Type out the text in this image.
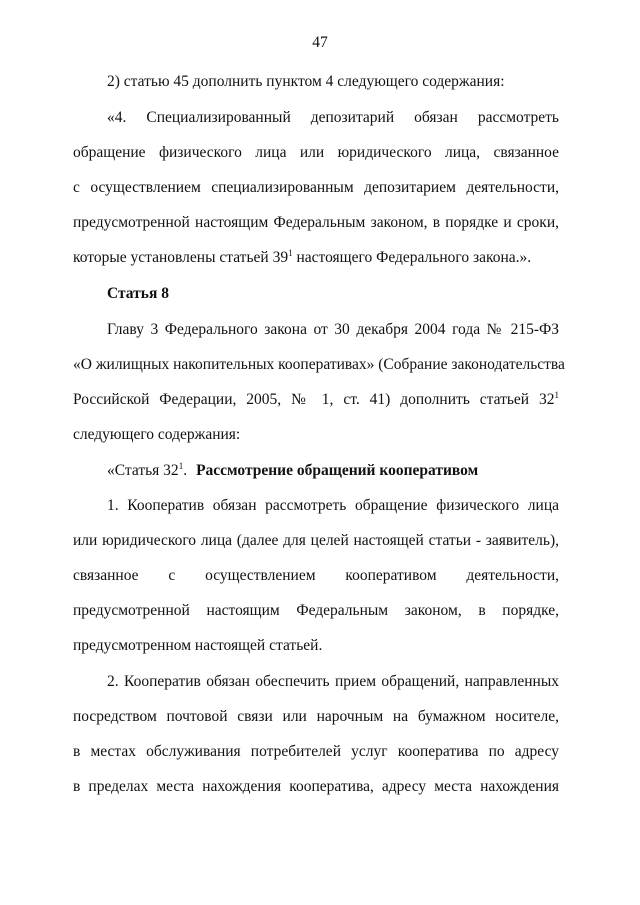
47
2) статью 45 дополнить пунктом 4 следующего содержания:
«4. Специализированный депозитарий обязан рассмотреть
обращение физического лица или юридического лица, связанное
с осуществлением специализированным депозитарием деятельности,
предусмотренной настоящим Федеральным законом, в порядке и сроки,
которые установлены статьей $39^1$ настоящего Федерального закона.».
Статья 8
Главу 3 Федерального закона от 30 декабря 2004 года № 215-ФЗ
«О жилищных накопительных кооперативах» (Собрание законодательства
Российской Федерации, 2005, № 1, ст. 41) дополнить статьей $32^1$
следующего содержания:
«Статья $32^1$. Рассмотрение обращений кооперативом
1. Кооператив обязан рассмотреть обращение физического лица
или юридического лица (далее для целей настоящей статьи - заявитель),
связанное с осуществлением кооперативом деятельности,
предусмотренной настоящим Федеральным законом, в порядке,
предусмотренном настоящей статьей.
2. Кооператив обязан обеспечить прием обращений, направленных
посредством почтовой связи или нарочным на бумажном носителе,
в местах обслуживания потребителей услуг кооператива по адресу
в пределах места нахождения кооператива, адресу места нахождения
